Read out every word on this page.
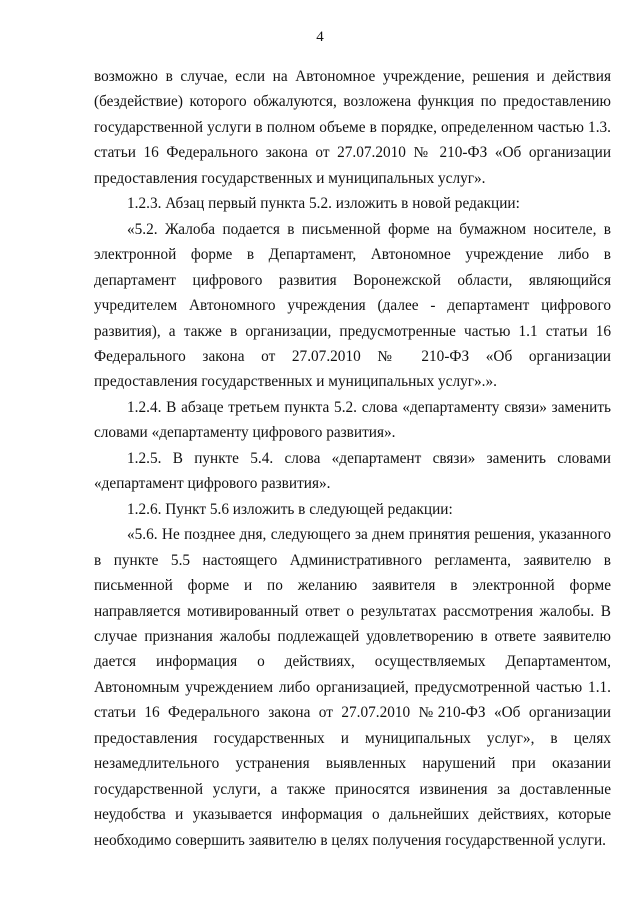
4

возможно в случае, если на Автономное учреждение, решения и действия (бездействие) которого обжалуются, возложена функция по предоставлению государственной услуги в полном объеме в порядке, определенном частью 1.3. статьи 16 Федерального закона от 27.07.2010 № 210-ФЗ «Об организации предоставления государственных и муниципальных услуг».

1.2.3. Абзац первый пункта 5.2. изложить в новой редакции:

«5.2. Жалоба подается в письменной форме на бумажном носителе, в электронной форме в Департамент, Автономное учреждение либо в департамент цифрового развития Воронежской области, являющийся учредителем Автономного учреждения (далее - департамент цифрового развития), а также в организации, предусмотренные частью 1.1 статьи 16 Федерального закона от 27.07.2010 № 210-ФЗ «Об организации предоставления государственных и муниципальных услуг».».

1.2.4. В абзаце третьем пункта 5.2. слова «департаменту связи» заменить словами «департаменту цифрового развития».

1.2.5. В пункте 5.4. слова «департамент связи» заменить словами «департамент цифрового развития».

1.2.6. Пункт 5.6 изложить в следующей редакции:

«5.6. Не позднее дня, следующего за днем принятия решения, указанного в пункте 5.5 настоящего Административного регламента, заявителю в письменной форме и по желанию заявителя в электронной форме направляется мотивированный ответ о результатах рассмотрения жалобы. В случае признания жалобы подлежащей удовлетворению в ответе заявителю дается информация о действиях, осуществляемых Департаментом, Автономным учреждением либо организацией, предусмотренной частью 1.1. статьи 16 Федерального закона от 27.07.2010 №210-ФЗ «Об организации предоставления государственных и муниципальных услуг», в целях незамедлительного устранения выявленных нарушений при оказании государственной услуги, а также приносятся извинения за доставленные неудобства и указывается информация о дальнейших действиях, которые необходимо совершить заявителю в целях получения государственной услуги.
